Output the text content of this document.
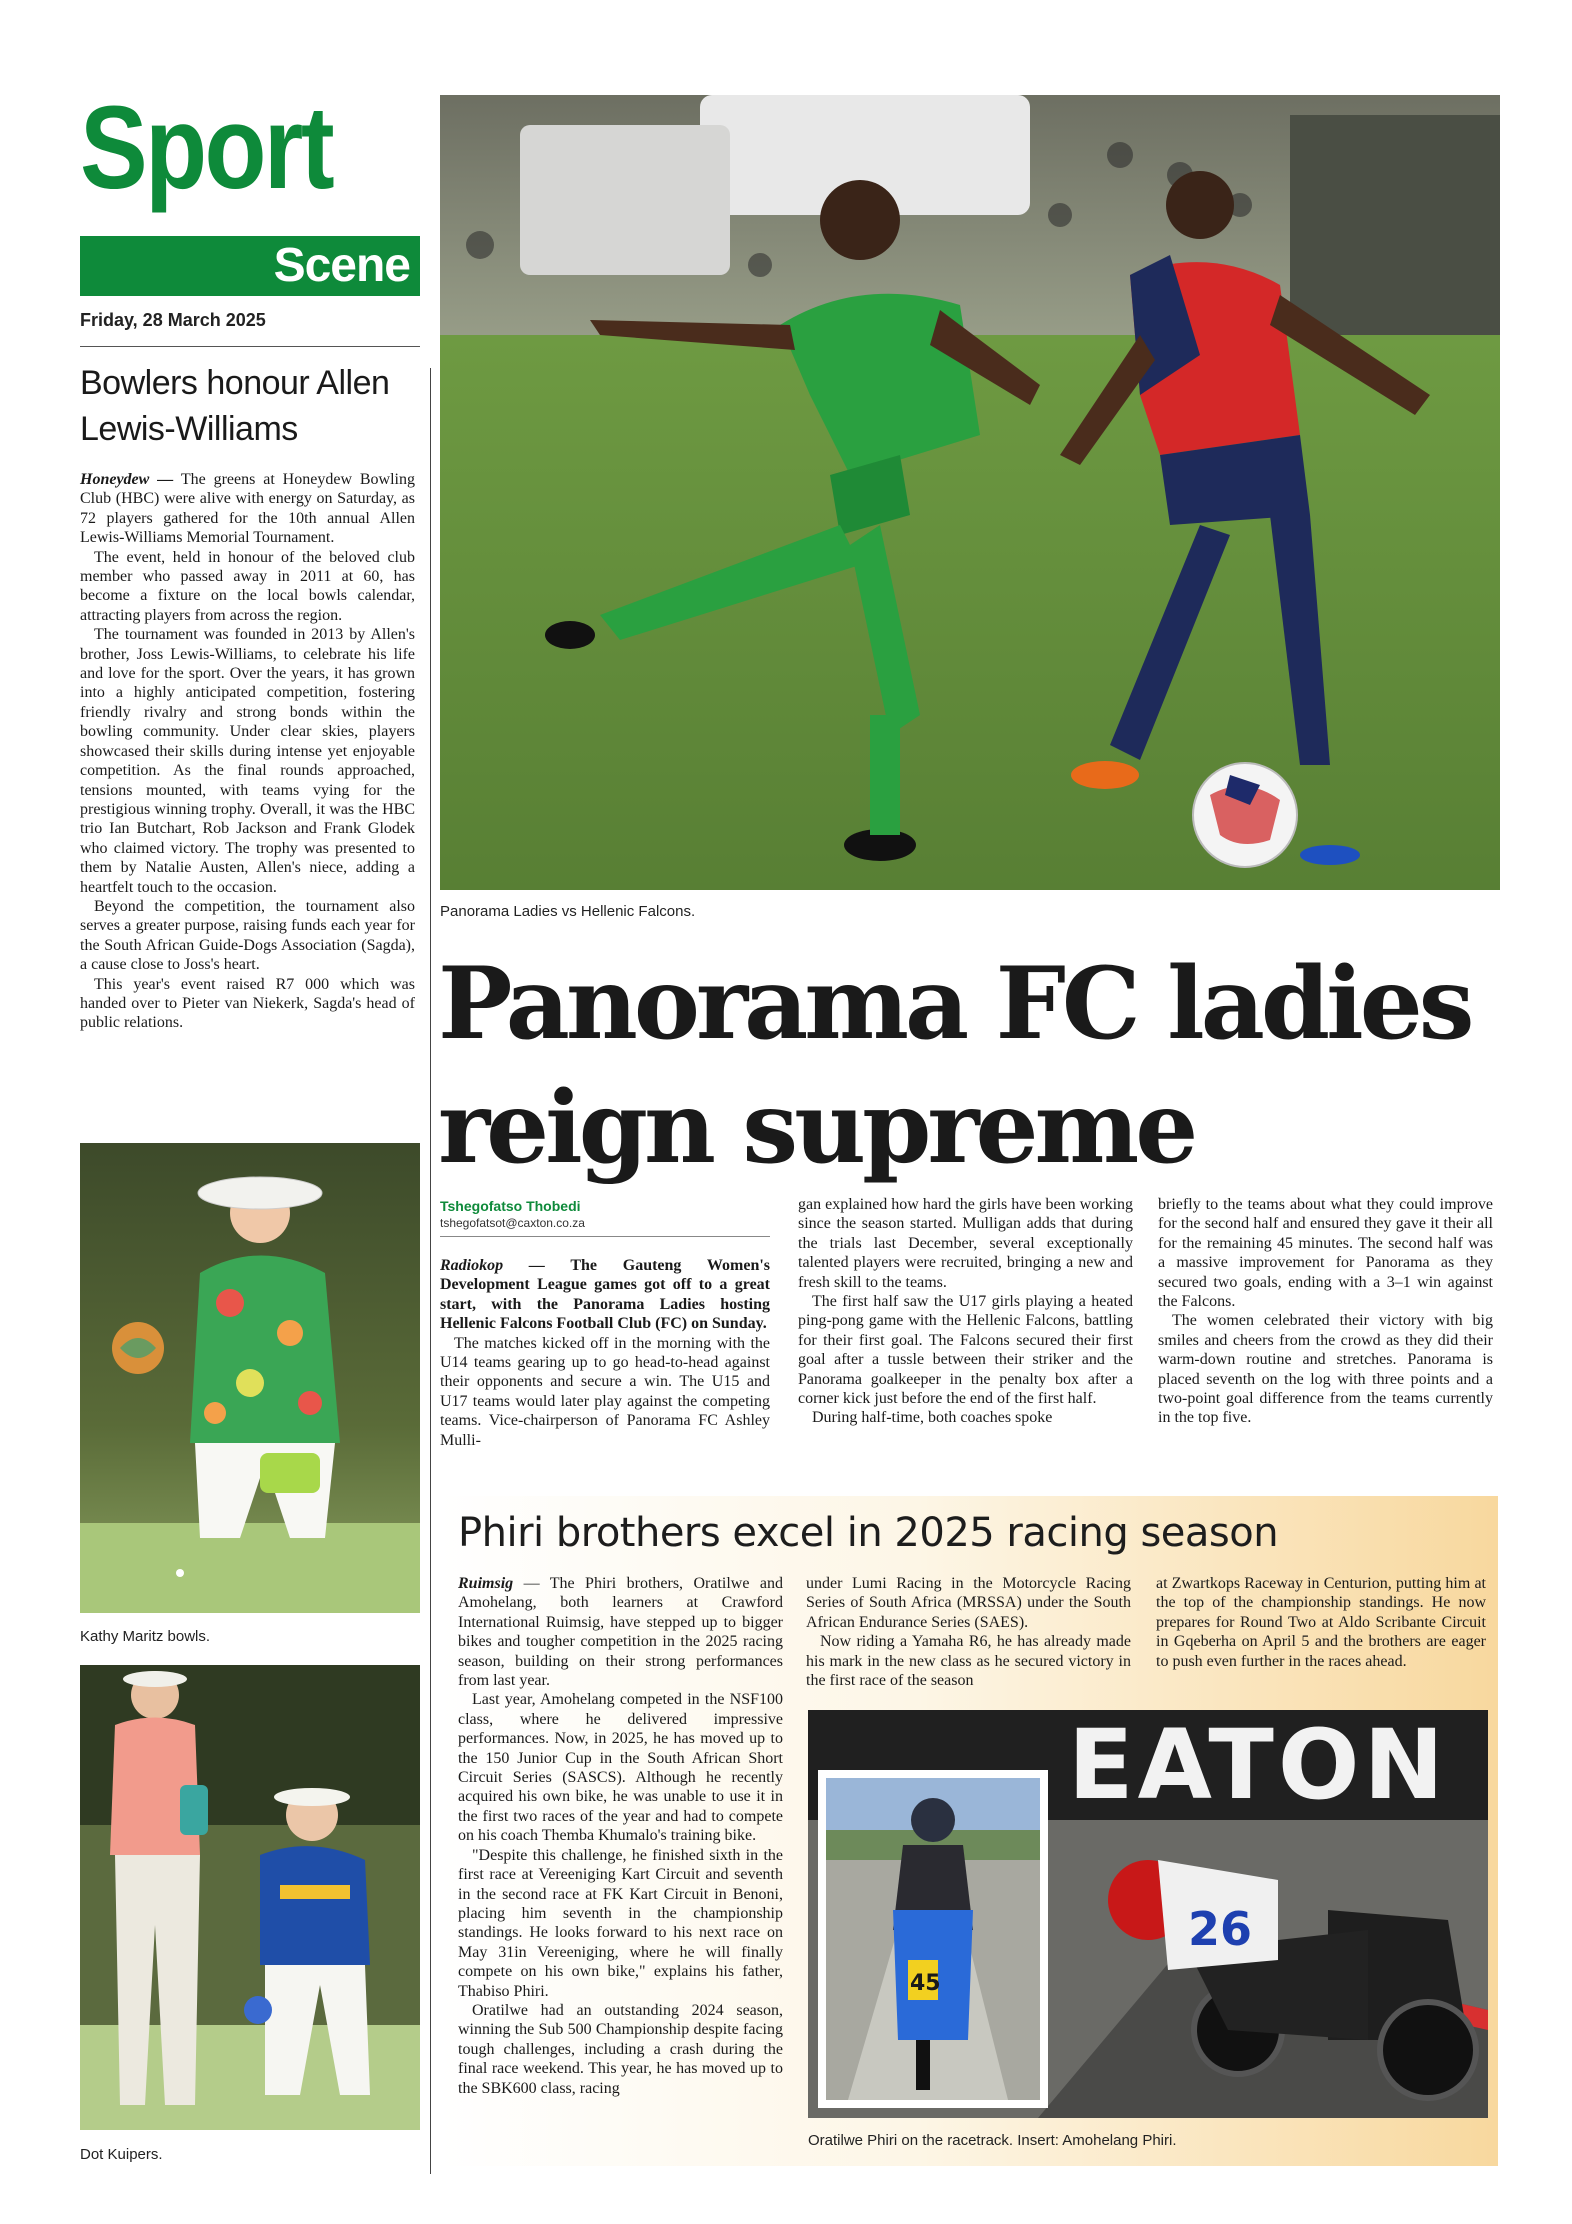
Sport
Scene
Friday, 28 March 2025
Bowlers honour Allen Lewis-Williams

Honeydew — The greens at Honeydew Bowling Club (HBC) were alive with energy on Saturday, as 72 players gathered for the 10th annual Allen Lewis-Williams Memorial Tournament.

The event, held in honour of the beloved club member who passed away in 2011 at 60, has become a fixture on the local bowls calendar, attracting players from across the region.

The tournament was founded in 2013 by Allen's brother, Joss Lewis-Williams, to celebrate his life and love for the sport. Over the years, it has grown into a highly anticipated competition, fostering friendly rivalry and strong bonds within the bowling community. Under clear skies, players showcased their skills during intense yet enjoyable competition. As the final rounds approached, tensions mounted, with teams vying for the prestigious winning trophy. Overall, it was the HBC trio Ian Butchart, Rob Jackson and Frank Glodek who claimed victory. The trophy was presented to them by Natalie Austen, Allen's niece, adding a heartfelt touch to the occasion.

Beyond the competition, the tournament also serves a greater purpose, raising funds each year for the South African Guide-Dogs Association (Sagda), a cause close to Joss's heart.

This year's event raised R7 000 which was handed over to Pieter van Niekerk, Sagda's head of public relations.

Kathy Maritz bowls.
Dot Kuipers.
Panorama Ladies vs Hellenic Falcons.
Panorama FC ladies reign supreme
Tshegofatso Thobedi
tshegofatsot@caxton.co.za

Radiokop — The Gauteng Women's Development League games got off to a great start, with the Panorama Ladies hosting Hellenic Falcons Football Club (FC) on Sunday.

The matches kicked off in the morning with the U14 teams gearing up to go head-to-head against their opponents and secure a win. The U15 and U17 teams would later play against the competing teams. Vice-chairperson of Panorama FC Ashley Mulli-

gan explained how hard the girls have been working since the season started. Mulligan adds that during the trials last December, several exceptionally talented players were recruited, bringing a new and fresh skill to the teams.

The first half saw the U17 girls playing a heated ping-pong game with the Hellenic Falcons, battling for their first goal. The Falcons secured their first goal after a tussle between their striker and the Panorama goalkeeper in the penalty box after a corner kick just before the end of the first half.

During half-time, both coaches spoke

briefly to the teams about what they could improve for the second half and ensured they gave it their all for the remaining 45 minutes. The second half was a massive improvement for Panorama as they secured two goals, ending with a 3–1 win against the Falcons.

The women celebrated their victory with big smiles and cheers from the crowd as they did their warm-down routine and stretches. Panorama is placed seventh on the log with three points and a two-point goal difference from the teams currently in the top five.

Phiri brothers excel in 2025 racing season

Ruimsig — The Phiri brothers, Oratilwe and Amohelang, both learners at Crawford International Ruimsig, have stepped up to bigger bikes and tougher competition in the 2025 racing season, building on their strong performances from last year.

Last year, Amohelang competed in the NSF100 class, where he delivered impressive performances. Now, in 2025, he has moved up to the 150 Junior Cup in the South African Short Circuit Series (SASCS). Although he recently acquired his own bike, he was unable to use it in the first two races of the year and had to compete on his coach Themba Khumalo's training bike.

"Despite this challenge, he finished sixth in the first race at Vereeniging Kart Circuit and seventh in the second race at FK Kart Circuit in Benoni, placing him seventh in the championship standings. He looks forward to his next race on May 31in Vereeniging, where he will finally compete on his own bike," explains his father, Thabiso Phiri.

Oratilwe had an outstanding 2024 season, winning the Sub 500 Championship despite facing tough challenges, including a crash during the final race weekend. This year, he has moved up to the SBK600 class, racing

under Lumi Racing in the Motorcycle Racing Series of South Africa (MRSSA) under the South African Endurance Series (SAES).

Now riding a Yamaha R6, he has already made his mark in the new class as he secured victory in the first race of the season

at Zwartkops Raceway in Centurion, putting him at the top of the championship standings. He now prepares for Round Two at Aldo Scribante Circuit in Gqeberha on April 5 and the brothers are eager to push even further in the races ahead.

EATON
26
45
Oratilwe Phiri on the racetrack. Insert: Amohelang Phiri.
